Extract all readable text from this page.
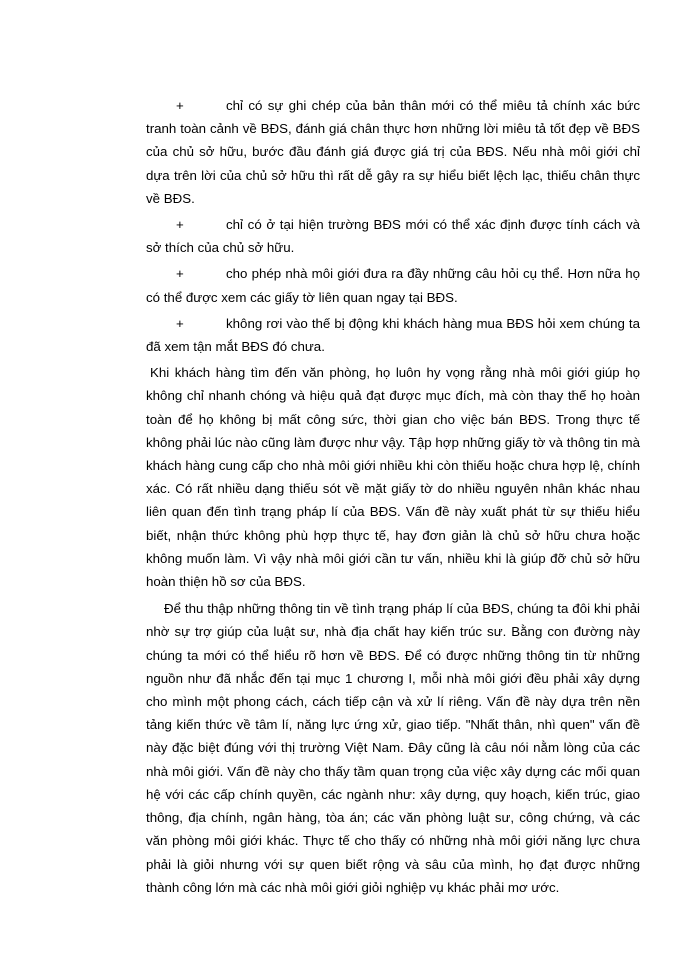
+	chỉ có sự ghi chép của bản thân mới có thể miêu tả chính xác bức tranh toàn cảnh về BĐS, đánh giá chân thực hơn những lời miêu tả tốt đẹp về BĐS của chủ sở hữu, bước đầu đánh giá được giá trị của BĐS. Nếu nhà môi giới chỉ dựa trên lời của chủ sở hữu thì rất dễ gây ra sự hiểu biết lệch lạc, thiếu chân thực về BĐS.
+	chỉ có ở tại hiện trường BĐS mới có thể xác định được tính cách và sở thích của chủ sở hữu.
+	cho phép nhà môi giới đưa ra đầy những câu hỏi cụ thể. Hơn nữa họ có thể được xem các giấy tờ liên quan ngay tại BĐS.
+	không rơi vào thế bị động khi khách hàng mua BĐS hỏi xem chúng ta đã xem tận mắt BĐS đó chưa.

Khi khách hàng tìm đến văn phòng, họ luôn hy vọng rằng nhà môi giới giúp họ không chỉ nhanh chóng và hiệu quả đạt được mục đích, mà còn thay thế họ hoàn toàn để họ không bị mất công sức, thời gian cho việc bán BĐS. Trong thực tế không phải lúc nào cũng làm được như vậy. Tập hợp những giấy tờ và thông tin mà khách hàng cung cấp cho nhà môi giới nhiều khi còn thiếu hoặc chưa hợp lệ, chính xác. Có rất nhiều dạng thiếu sót về mặt giấy tờ do nhiều nguyên nhân khác nhau liên quan đến tình trạng pháp lí của BĐS. Vấn đề này xuất phát từ sự thiếu hiểu biết, nhận thức không phù hợp thực tế, hay đơn giản là chủ sở hữu chưa hoặc không muốn làm. Vì vậy nhà môi giới cần tư vấn, nhiều khi là giúp đỡ chủ sở hữu hoàn thiện hồ sơ của BĐS.

Để thu thập những thông tin về tình trạng pháp lí của BĐS, chúng ta đôi khi phải nhờ sự trợ giúp của luật sư, nhà địa chất hay kiến trúc sư. Bằng con đường này chúng ta mới có thể hiểu rõ hơn về BĐS. Để có được những thông tin từ những nguồn như đã nhắc đến tại mục 1 chương I, mỗi nhà môi giới đều phải xây dựng cho mình một phong cách, cách tiếp cận và xử lí riêng. Vấn đề này dựa trên nền tảng kiến thức về tâm lí, năng lực ứng xử, giao tiếp. "Nhất thân, nhì quen" vấn đề này đặc biệt đúng với thị trường Việt Nam. Đây cũng là câu nói nằm lòng của các nhà môi giới. Vấn đề này cho thấy tầm quan trọng của việc xây dựng các mối quan hệ với các cấp chính quyền, các ngành như: xây dựng, quy hoạch, kiến trúc, giao thông, địa chính, ngân hàng, tòa án; các văn phòng luật sư, công chứng, và các văn phòng môi giới khác. Thực tế cho thấy có những nhà môi giới năng lực chưa phải là giỏi nhưng với sự quen biết rộng và sâu của mình, họ đạt được những thành công lớn mà các nhà môi giới giỏi nghiệp vụ khác phải mơ ước.
